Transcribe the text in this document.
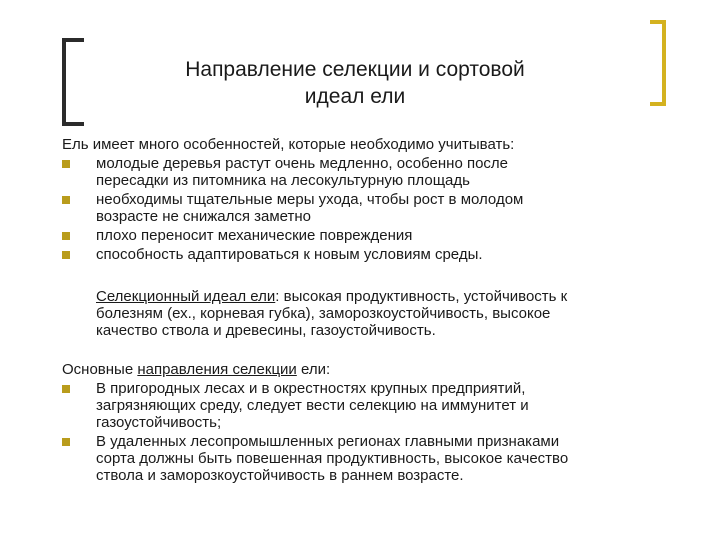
Направление селекции и сортовой
идеал ели

Ель имеет много особенностей, которые необходимо учитывать:

молодые деревья растут очень медленно, особенно после
пересадки из питомника на лесокультурную площадь
необходимы тщательные меры ухода, чтобы рост в молодом
возрасте не снижался заметно
плохо переносит механические повреждения
способность адаптироваться к новым условиям среды.
Селекционный идеал ели: высокая продуктивность, устойчивость к
болезням (ех., корневая губка), заморозкоустойчивость, высокое
качество ствола и древесины, газоустойчивость.
Основные направления селекции ели:
В пригородных лесах и в окрестностях крупных предприятий,
загрязняющих среду, следует вести селекцию на иммунитет и
газоустойчивость;
В удаленных лесопромышленных регионах главными признаками
сорта должны быть повешенная продуктивность, высокое качество
ствола и заморозкоустойчивость в раннем возрасте.
